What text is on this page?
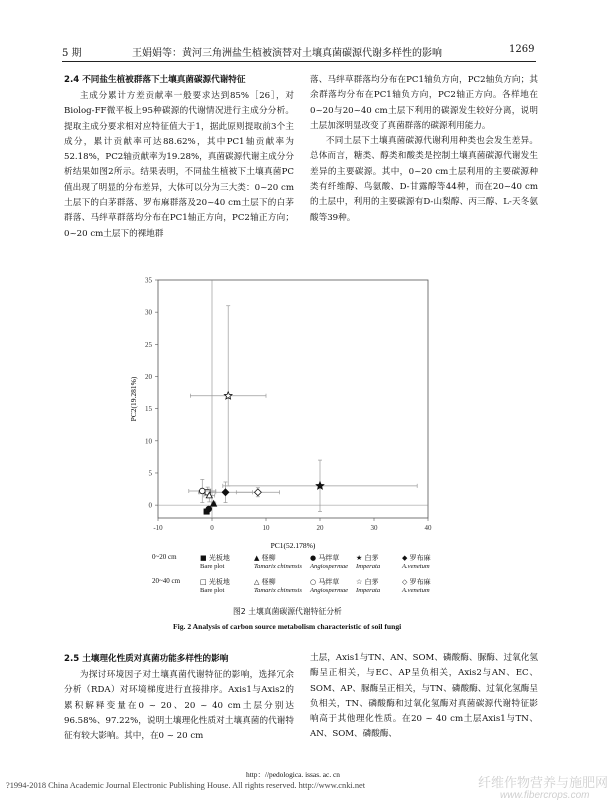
5 期	王娟娟等：黄河三角洲盐生植被演替对土壤真菌碳源代谢多样性的影响	1269
2.4 不同盐生植被群落下土壤真菌碳源代谢特征

主成分累计方差贡献率一般要求达到85%［26］，对Biolog-FF微平板上95种碳源的代谢情况进行主成分分析。提取主成分要求相对应特征值大于1，据此原则提取前3个主成分，累计贡献率可达88.62%，其中PC1轴贡献率为52.18%，PC2轴贡献率为19.28%，真菌碳源代谢主成分分析结果如图2所示。结果表明，不同盐生植被下土壤真菌PC值出现了明显的分布差异，大体可以分为三大类：0~20 cm土层下的白茅群落、罗布麻群落及20~40 cm土层下的白茅群落、马绊草群落均分布在PC1轴正方向，PC2轴正方向；0~20 cm土层下的裸地群

落、马绊草群落均分布在PC1轴负方向，PC2轴负方向；其余群落均分布在PC1轴负方向，PC2轴正方向。各样地在0~20与20~40 cm土层下利用的碳源发生较好分离，说明土层加深明显改变了真菌群落的碳源利用能力。

不同土层下土壤真菌碳源代谢利用种类也会发生差异。总体而言，糖类、醇类和酸类是控制土壤真菌碳源代谢发生差异的主要碳源。其中，0~20 cm土层利用的主要碳源种类有纤维醇、鸟氨酸、D-甘露醇等44种，而在20~40 cm的土层中，利用的主要碳源有D-山梨醇、丙三醇、L-天冬氨酸等39种。

-10	0	10	20	30	40
0
5
10
15
20
25
30
35
PC1(52.178%)
PC2(19.281%)
0~20 cm	■ 光板地
Bare plot
▲ 柽柳
Tamarix chinensis
● 马绊草
Angiospermae
★ 白茅
Imperata
◆ 罗布麻
A.venetum
20~40 cm	□ 光板地
Bare plot
△ 柽柳
Tamarix chinensis
○ 马绊草
Angiospermae
☆ 白茅
Imperata
◇ 罗布麻
A.venetum
图2 土壤真菌碳源代谢特征分析
Fig. 2 Analysis of carbon source metabolism characteristic of soil fungi
2.5 土壤理化性质对真菌功能多样性的影响

为探讨环境因子对土壤真菌代谢特征的影响，选择冗余分析（RDA）对环境梯度进行直接排序。Axis1与Axis2的累积解释变量在0 ~ 20、20 ~ 40 cm土层分别达96.58%、97.22%，说明土壤理化性质对土壤真菌的代谢特征有较大影响。其中，在0 ~ 20 cm

土层，Axis1与TN、AN、SOM、磷酸酶、脲酶、过氧化氢酶呈正相关，与EC、AP呈负相关，Axis2与AN、EC、SOM、AP、脲酶呈正相关，与TN、磷酸酶、过氧化氢酶呈负相关，TN、磷酸酶和过氧化氢酶对真菌碳源代谢特征影响高于其他理化性质。在20 ~ 40 cm土层Axis1与TN、AN、SOM、磷酸酶、

http：//pedologica. issas. ac. cn
?1994-2018 China Academic Journal Electronic Publishing House. All rights reserved. http://www.cnki.net	纤维作物营养与施肥网
www.fibercrops.com
